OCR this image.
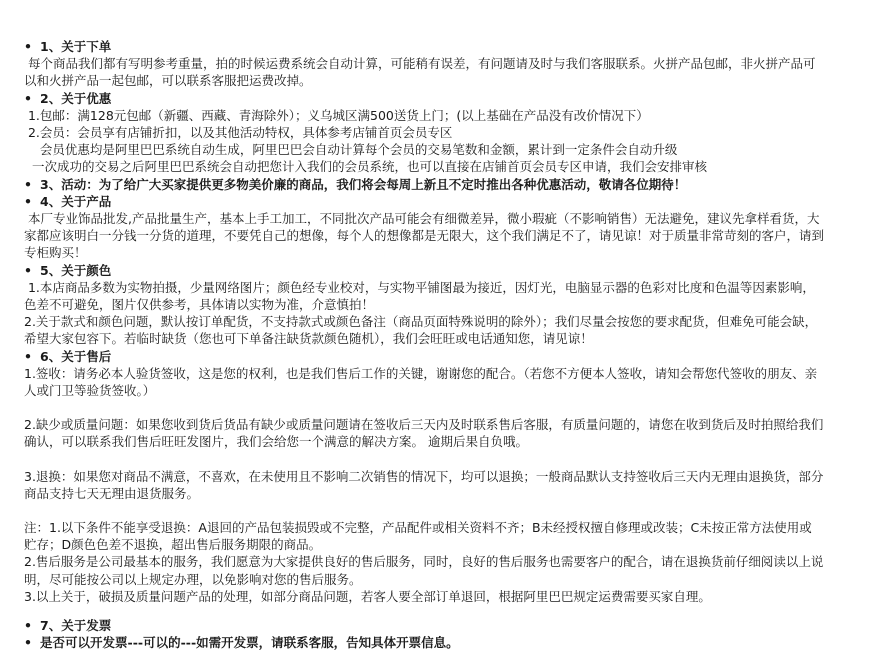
• 1、关于下单
每个商品我们都有写明参考重量，拍的时候运费系统会自动计算，可能稍有误差，有问题请及时与我们客服联系。火拼产品包邮，非火拼产品可以和火拼产品一起包邮，可以联系客服把运费改掉。
• 2、关于优惠
1.包邮：满128元包邮（新疆、西藏、青海除外）；义乌城区满500送货上门；(以上基础在产品没有改价情况下）
2.会员：会员享有店铺折扣，以及其他活动特权，具体参考店铺首页会员专区
会员优惠均是阿里巴巴系统自动生成，阿里巴巴会自动计算每个会员的交易笔数和金额，累计到一定条件会自动升级
一次成功的交易之后阿里巴巴系统会自动把您计入我们的会员系统，也可以直接在店铺首页会员专区申请，我们会安排审核
• 3、活动：为了给广大买家提供更多物美价廉的商品，我们将会每周上新且不定时推出各种优惠活动，敬请各位期待！
• 4、关于产品
本厂专业饰品批发,产品批量生产，基本上手工加工，不同批次产品可能会有细微差异，微小瑕疵（不影响销售）无法避免，建议先拿样看货，大家都应该明白一分钱一分货的道理，不要凭自己的想像，每个人的想像都是无限大，这个我们满足不了，请见谅！对于质量非常苛刻的客户，请到专柜购买！
• 5、关于颜色
1.本店商品多数为实物拍摄，少量网络图片；颜色经专业校对，与实物平铺图最为接近，因灯光，电脑显示器的色彩对比度和色温等因素影响，色差不可避免，图片仅供参考，具体请以实物为准，介意慎拍！
2.关于款式和颜色问题，默认按订单配货，不支持款式或颜色备注（商品页面特殊说明的除外）；我们尽量会按您的要求配货，但难免可能会缺，希望大家包容下。若临时缺货（您也可下单备注缺货款颜色随机），我们会旺旺或电话通知您，请见谅！
• 6、关于售后
1.签收：请务必本人验货签收，这是您的权利，也是我们售后工作的关键，谢谢您的配合。（若您不方便本人签收，请知会帮您代签收的朋友、亲人或门卫等验货签收。）
2.缺少或质量问题：如果您收到货后货品有缺少或质量问题请在签收后三天内及时联系售后客服，有质量问题的，请您在收到货后及时拍照给我们确认，可以联系我们售后旺旺发图片，我们会给您一个满意的解决方案。 逾期后果自负哦。
3.退换：如果您对商品不满意，不喜欢，在未使用且不影响二次销售的情况下，均可以退换；一般商品默认支持签收后三天内无理由退换货，部分商品支持七天无理由退货服务。
注：1.以下条件不能享受退换：A退回的产品包装损毁或不完整，产品配件或相关资料不齐；B未经授权擅自修理或改装；C未按正常方法使用或贮存；D颜色色差不退换，超出售后服务期限的商品。
2.售后服务是公司最基本的服务，我们愿意为大家提供良好的售后服务，同时，良好的售后服务也需要客户的配合，请在退换货前仔细阅读以上说明，尽可能按公司以上规定办理，以免影响对您的售后服务。
3.以上关于，破损及质量问题产品的处理，如部分商品问题，若客人要全部订单退回，根据阿里巴巴规定运费需要买家自理。
• 7、关于发票
• 是否可以开发票---可以的---如需开发票，请联系客服，告知具体开票信息。
